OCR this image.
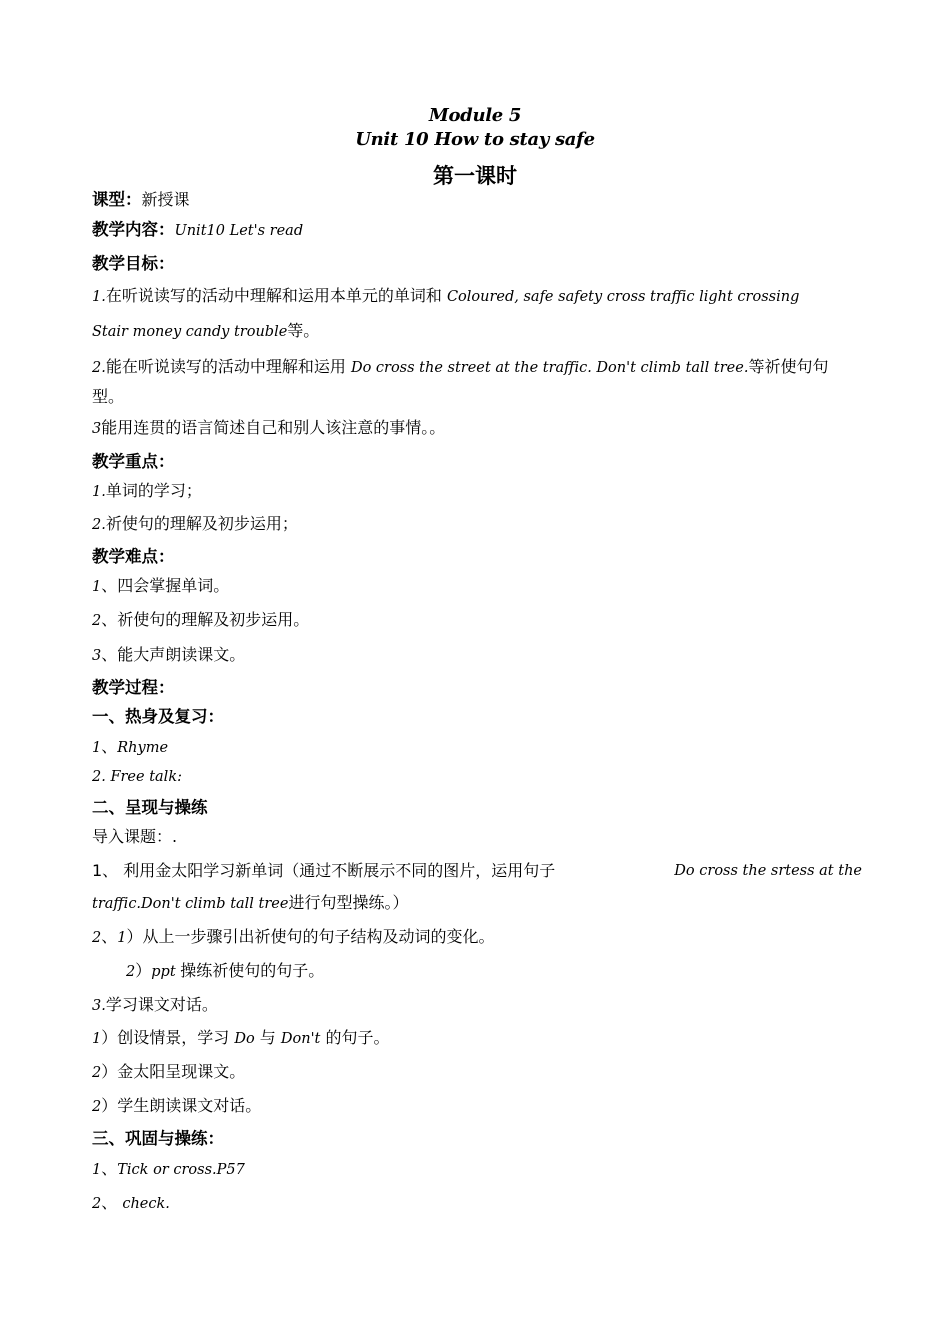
Module 5
Unit 10 How to stay safe
第一课时
课型：新授课
教学内容：Unit10 Let's read
教学目标：
1.在听说读写的活动中理解和运用本单元的单词和 Coloured, safe safety cross traffic light crossing
Stair money candy trouble等。
2.能在听说读写的活动中理解和运用 Do cross the street at the traffic. Don't climb tall tree.等祈使句句
型。
3能用连贯的语言简述自己和别人该注意的事情。。
教学重点：
1.单词的学习；
2.祈使句的理解及初步运用；
教学难点：
1、四会掌握单词。
2、祈使句的理解及初步运用。
3、能大声朗读课文。
教学过程：
一、热身及复习：
1、Rhyme
2. Free talk:
二、呈现与操练
导入课题：.
1、 利用金太阳学习新单词（通过不断展示不同的图片，运用句子	Do cross the srtess at the
traffic.Don't climb tall tree进行句型操练。）
2、1）从上一步骤引出祈使句的句子结构及动词的变化。
2）ppt 操练祈使句的句子。
3.学习课文对话。
1）创设情景，学习 Do 与 Don't 的句子。
2）金太阳呈现课文。
2）学生朗读课文对话。
三、巩固与操练：
1、Tick or cross.P57
2、 check.
